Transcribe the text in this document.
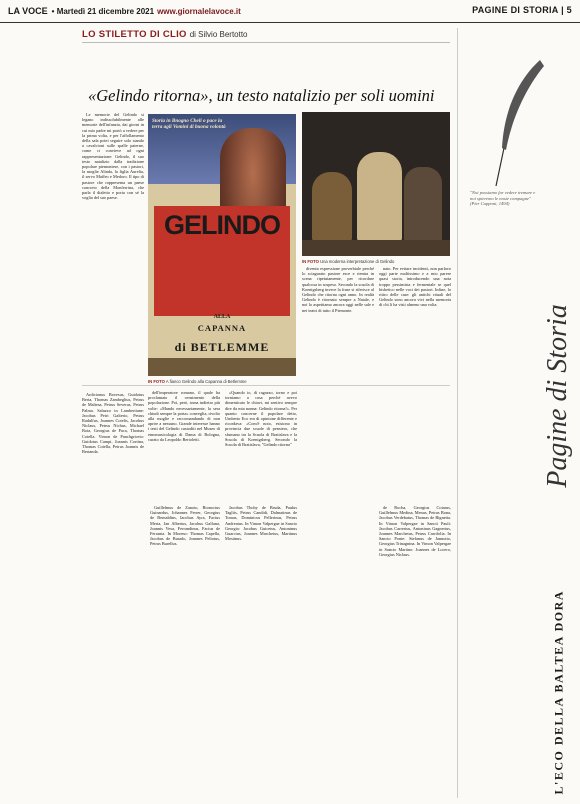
LA VOCE • Martedì 21 dicembre 2021 www.giornalelavoce.it	PAGINE DI STORIA | 5
LO STILETTO DI CLIO di Silvio Bertotto
«Gelindo ritorna», un testo natalizio per soli uomini

Le memorie del Gelindo si legano indissolubilmente alle memorie dell'infanzia, dai giorni in cui mio padre mi portò a vedere per la prima volta, e per l'affollamento della sala potei seguire solo stando a cavalcioni sulle spalle paterne, come ci convieve ad ogni rappresentazione: Gelindo, il suo testo natalizio dalla tradizione popolare piemontese, con i pastori, la moglie Alinda, la figlia Aurelia, il servo Maffeo e Medoro. Il tipo di pastore che rappresenta un paese concreto della Monferrina, che parla il dialetto e porta con sé la voglia del suo paese.

Storia in Bnogno Cheli o pace la terra agli Vomini di buona volontà
GELINDO
ALLA
CAPANNA
di BETLEMME
IN FOTO A fianco Gelindo alla Capanna di Betlemme
IN FOTO Una moderna interpretazione di Gelindo

dell'imperatore romano, il quale ha proclamato il censimento della popolazione. Poi, però, torna indietro più volte: «Mando necessariamente, la sera chiudi sempre la porta» conveglia, rivolto alla moglie e raccomandando di non aprire a nessuno. Grande interesse hanno i testi del Gelindo custoditi nel Museo di etnomusicologia di Dama di Bologna, curato da Leopoldo Bertoletti.

«Quando io, di ragazzo, torno e poi torniamo a casa perché avevo dimenticato le chiavi, mi sentivo sempre dire da mia nonna: Gelindo ritorna!». Per quanto concerne il popolare detto, Umberto Eco era di opinione differente e ricordava: «Com'è noto, esistono in provincia due scuole di pensiero, che sfumano tra la Scuola di Bratislava e la Scuola di Koenigsberg. Secondo la Scuola di Bratislava, "Gelindo ritorna"

diventa espressione proverbiale perché lo sciagurato pastore esce e rientra in scena ripetutamente, per ricordare qualcosa in sospeso. Secondo la scuola di Koenigsberg invece la frase si riferisce al Gelindo che ritorna ogni anno. In realtà Gelindo è ritornato sempre a Natale, e noi lo aspettiamo ancora oggi nelle sale e nei teatri di tutto il Piemonte.

nato. Per evitare incidenti, non parlavo oggi parte moltissimo e a mio parere quasi storia, introducendo una nota troppo pessimista e fermentale se quel bisbetico nelle voci dei pastori. Infine, lo ritiro delle case: gli antichi rituali del Gelindo sono ancora vivi nella memoria di chi li ha visti almeno una volta.

Ardicionus Bovesus, Guidotus Berta, Thomas Zambeglius, Petrus de Maltesa, Petrus Severus, Petrus Palma. Saluzzo in Lambertiane: Jacobus Petri Galterio, Petrus Radulfus, Joannes Cotelis, Jacobus Niclaus, Petrus Nichus, Michael Boia, Georgius de Paca, Thomas Cotella. Vimon de Panchgriceto: Guidotus Campi, Joannis Cortina, Thomas Cotella, Petrus Joannis de Bertanda.

Guillelmus de Zanoto, Bionocius Guinardus, Johannes Ferrer, Georgius de Bernaldins, Iacobus Ayra, Facius Meria, Jan Albertus, Jacobus Galfana, Joannis Vexa, Ferrandinus, Facius de Ferrania. In Moreno: Thomas Capella, Jacobus de Burado, Joannes Peliotus, Petrus Burellus.

Jacobus Thoby de Bruda, Paulus Tagliis, Petrus Candidi, Dalmatinus de Tomas, Dominicus Pellerinus, Petrus Andreatus. In Vimon Valpergae in Sancto Georgio: Jacobus Guicetus, Antoninus Guarcius, Joannes Marchetus, Martinus Mostinus.

de Rocha, Georgius Cotarus, Guillelmus Medina, Menus, Petrus Bona, Jacobus Verdebatus, Thomas de Bignetta. In Vimon Valpergae in Sancti Pauli: Jacobus Carrerius, Antoninus Gagnerius, Joannes Marchetus, Petrus Carrifolia. In Sancto Ponte: Stefanus de Jannotto, Georgius Trinagnina. In Vimon Valpergae in Sancto Martino: Joannes de Locero, Georgius Niclaus.

"Noi possiamo far vedere tremare e noi spieremo le noste compagne" (Pier Capponi, 1494)
Pagine di Storia
L'ECO DELLA BALTEA DORA
